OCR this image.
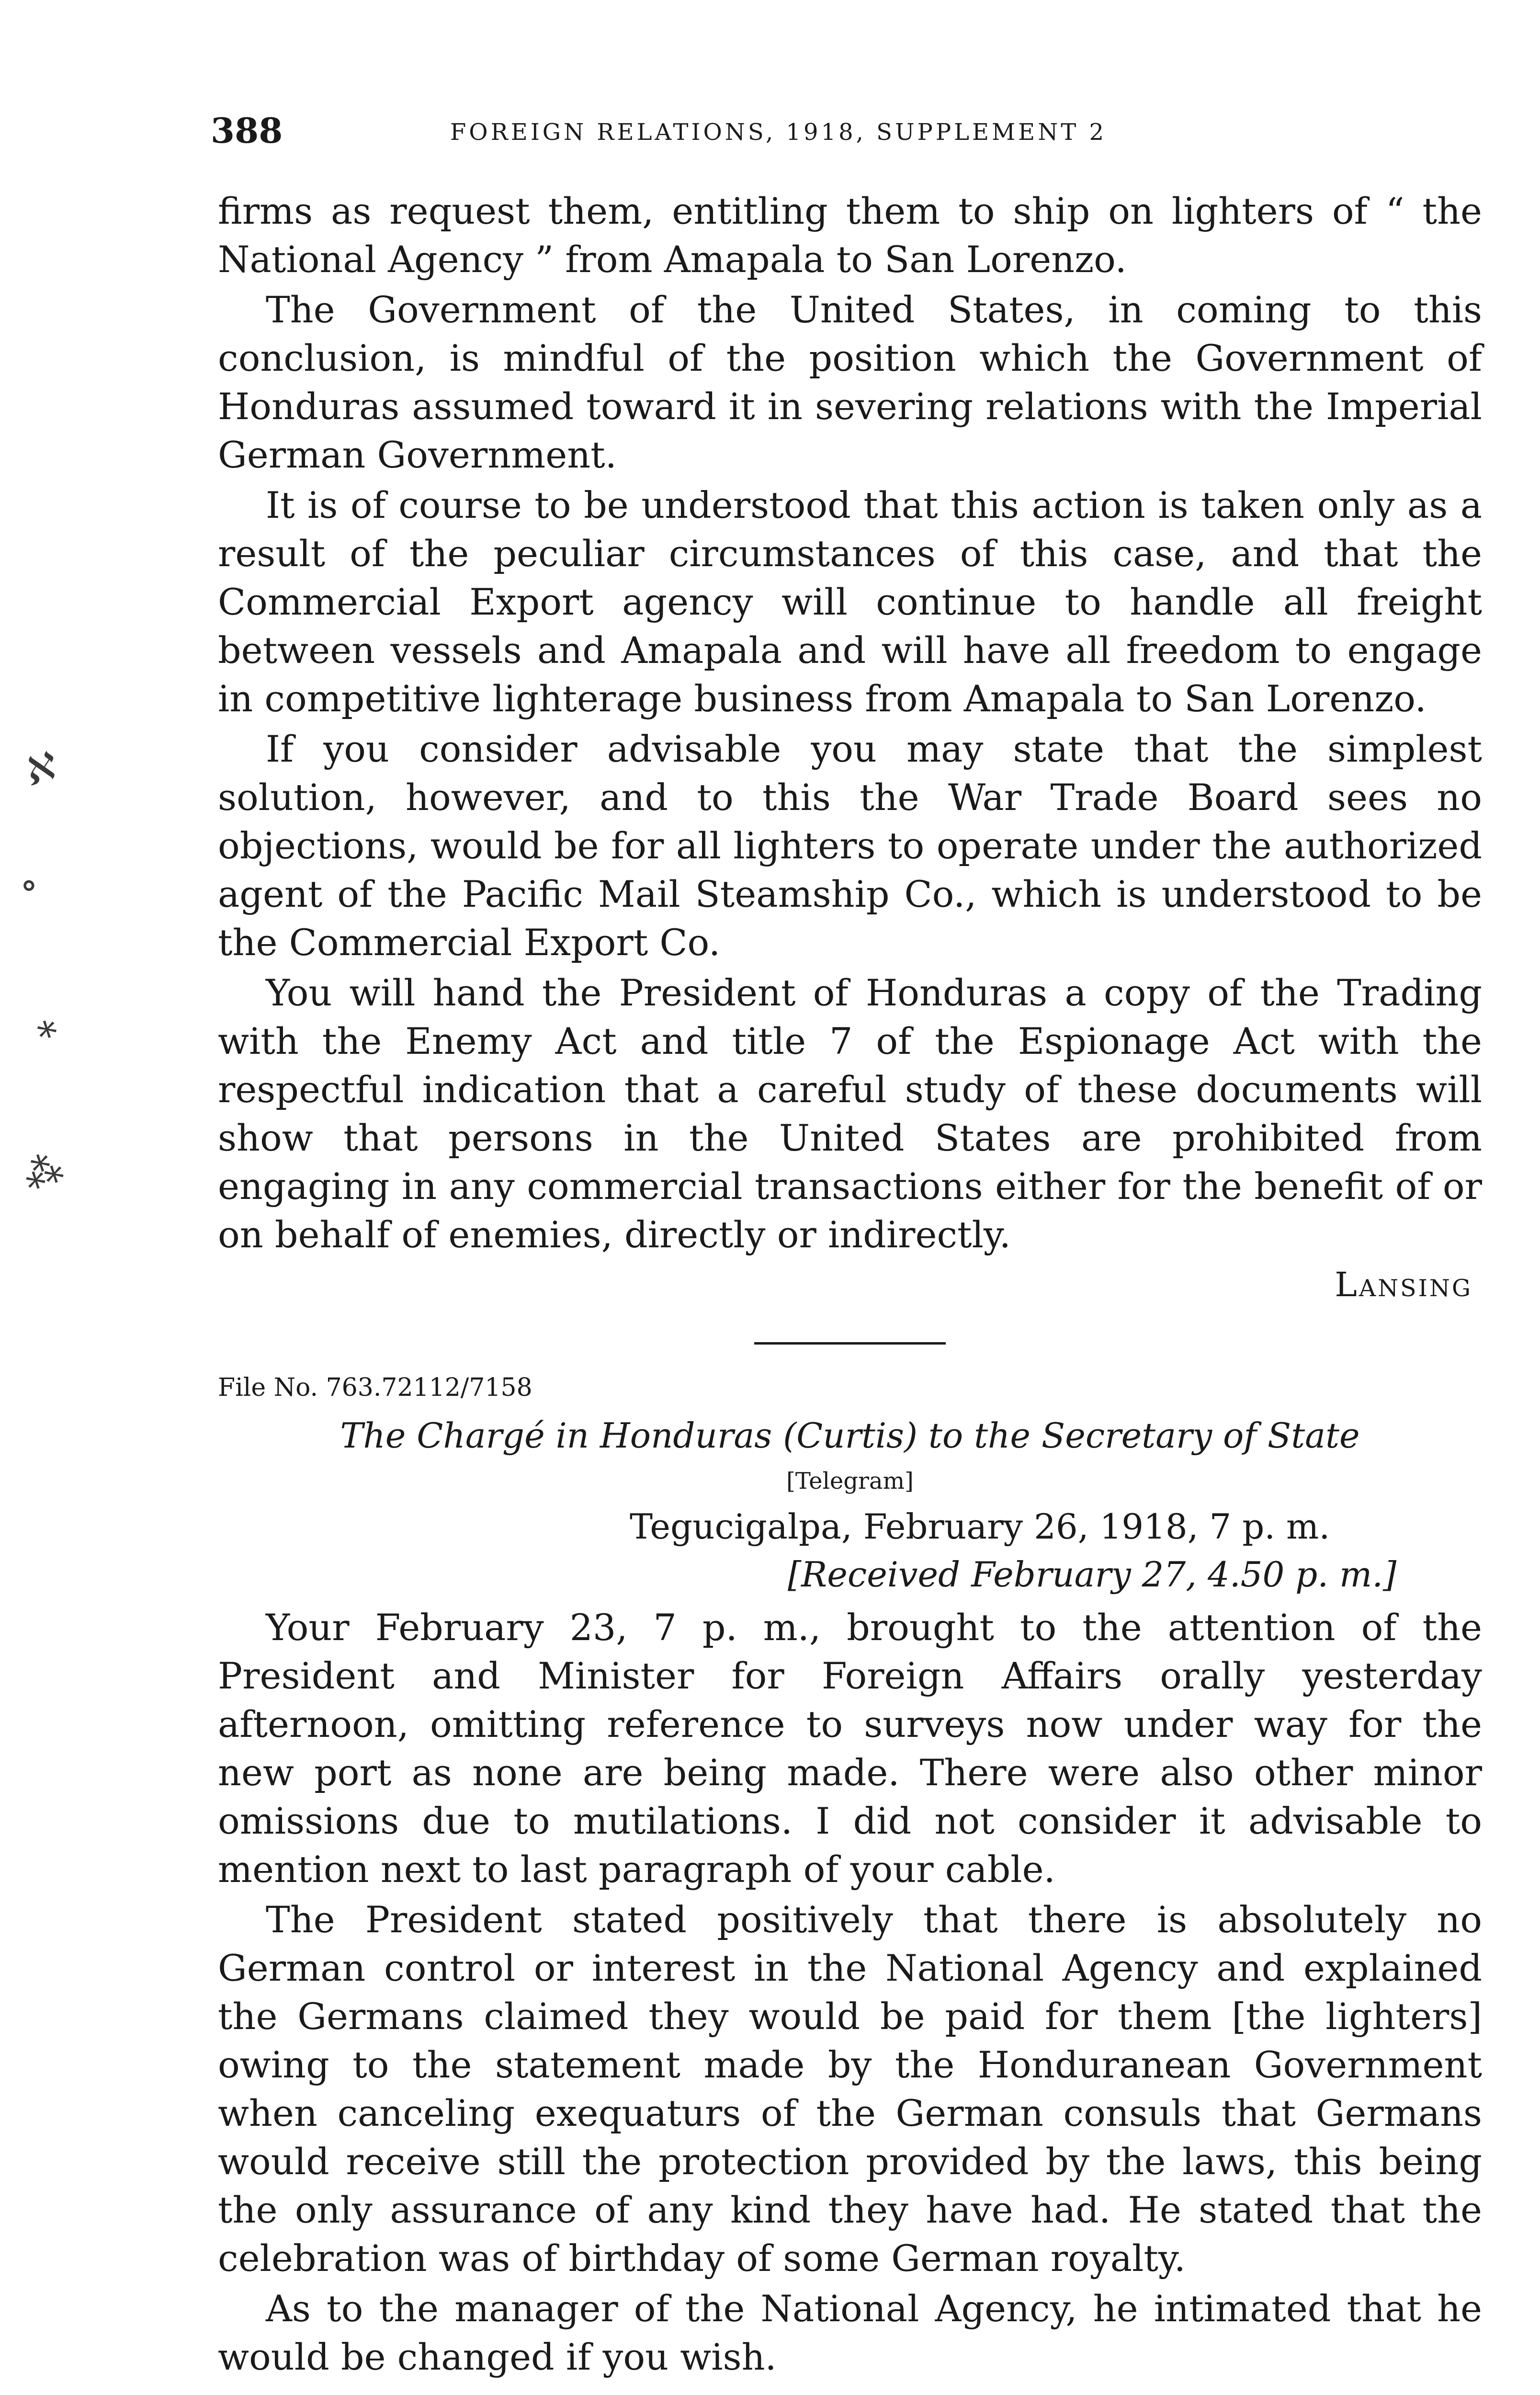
388	FOREIGN RELATIONS, 1918, SUPPLEMENT 2
ℵ
∘
∗
⁂

firms as request them, entitling them to ship on lighters of “ the National Agency ” from Amapala to San Lorenzo.

The Government of the United States, in coming to this conclusion, is mindful of the position which the Government of Honduras assumed toward it in severing relations with the Imperial German Government.

It is of course to be understood that this action is taken only as a result of the peculiar circumstances of this case, and that the Commercial Export agency will continue to handle all freight between vessels and Amapala and will have all freedom to engage in competitive lighterage business from Amapala to San Lorenzo.

If you consider advisable you may state that the simplest solution, however, and to this the War Trade Board sees no objections, would be for all lighters to operate under the authorized agent of the Pacific Mail Steamship Co., which is understood to be the Commercial Export Co.

You will hand the President of Honduras a copy of the Trading with the Enemy Act and title 7 of the Espionage Act with the respectful indication that a careful study of these documents will show that persons in the United States are prohibited from engaging in any commercial transactions either for the benefit of or on behalf of enemies, directly or indirectly.

Lansing
File No. 763.72112/7158
The Chargé in Honduras (Curtis) to the Secretary of State
[Telegram]
Tegucigalpa, February 26, 1918, 7 p. m.
[Received February 27, 4.50 p. m.]

Your February 23, 7 p. m., brought to the attention of the President and Minister for Foreign Affairs orally yesterday afternoon, omitting reference to surveys now under way for the new port as none are being made. There were also other minor omissions due to mutilations. I did not consider it advisable to mention next to last paragraph of your cable.

The President stated positively that there is absolutely no German control or interest in the National Agency and explained the Germans claimed they would be paid for them [the lighters] owing to the statement made by the Honduranean Government when canceling exequaturs of the German consuls that Germans would receive still the protection provided by the laws, this being the only assurance of any kind they have had. He stated that the celebration was of birthday of some German royalty.

As to the manager of the National Agency, he intimated that he would be changed if you wish.
